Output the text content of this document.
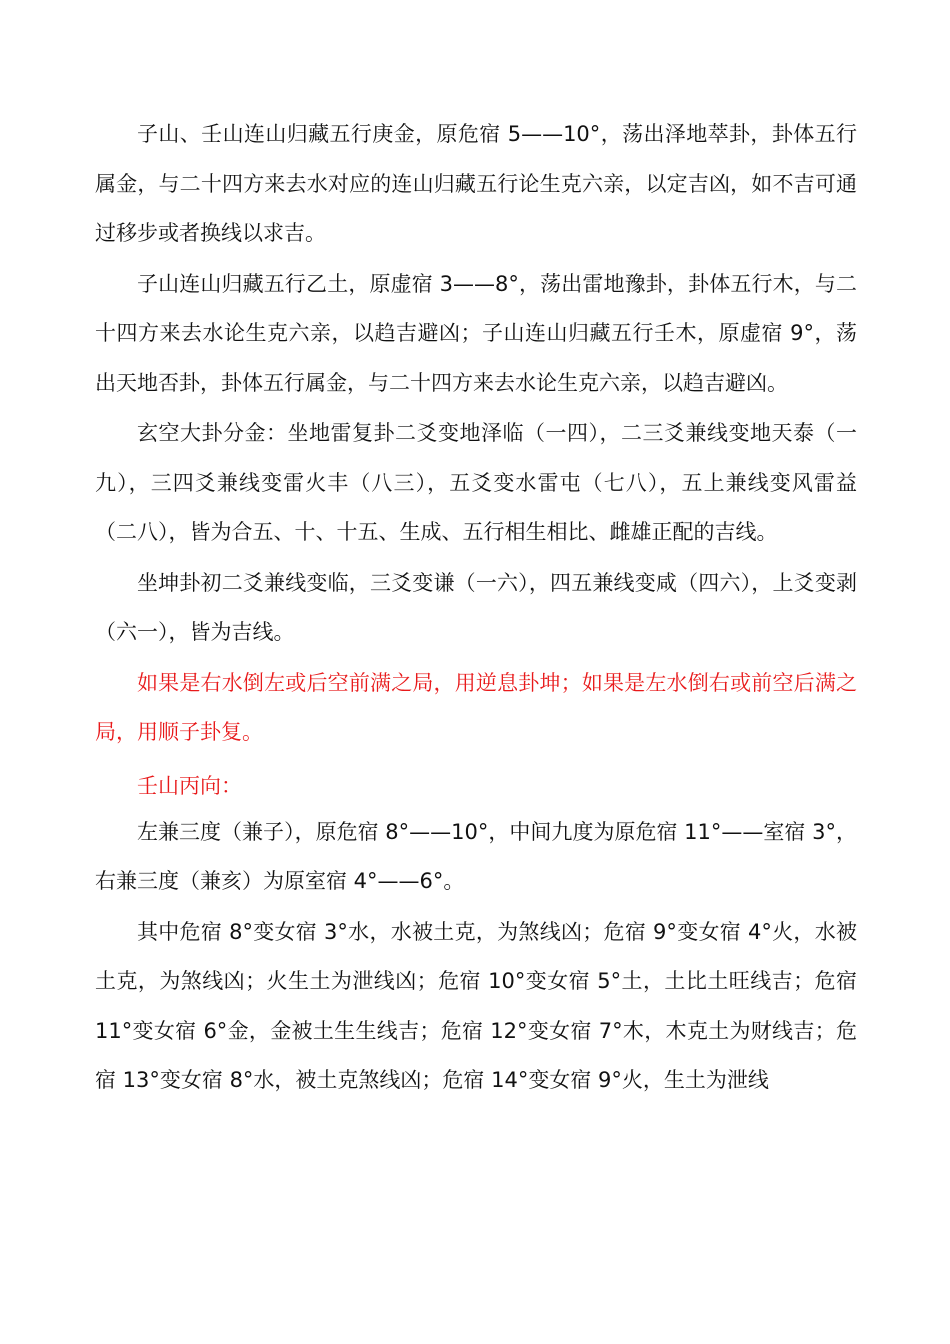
子山、壬山连山归藏五行庚金，原危宿 5——10°，荡出泽地萃卦，卦体五行属金，与二十四方来去水对应的连山归藏五行论生克六亲，以定吉凶，如不吉可通过移步或者换线以求吉。

子山连山归藏五行乙土，原虚宿 3——8°，荡出雷地豫卦，卦体五行木，与二十四方来去水论生克六亲，以趋吉避凶；子山连山归藏五行壬木，原虚宿 9°，荡出天地否卦，卦体五行属金，与二十四方来去水论生克六亲，以趋吉避凶。

玄空大卦分金：坐地雷复卦二爻变地泽临（一四），二三爻兼线变地天泰（一九），三四爻兼线变雷火丰（八三），五爻变水雷屯（七八），五上兼线变风雷益（二八），皆为合五、十、十五、生成、五行相生相比、雌雄正配的吉线。

坐坤卦初二爻兼线变临，三爻变谦（一六），四五兼线变咸（四六），上爻变剥（六一），皆为吉线。

如果是右水倒左或后空前满之局，用逆息卦坤；如果是左水倒右或前空后满之局，用顺子卦复。

壬山丙向：

左兼三度（兼子），原危宿 8°——10°，中间九度为原危宿 11°——室宿 3°，右兼三度（兼亥）为原室宿 4°——6°。

其中危宿 8°变女宿 3°水，水被土克，为煞线凶；危宿 9°变女宿 4°火，水被土克，为煞线凶；火生土为泄线凶；危宿 10°变女宿 5°土，土比土旺线吉；危宿 11°变女宿 6°金，金被土生生线吉；危宿 12°变女宿 7°木，木克土为财线吉；危宿 13°变女宿 8°水，被土克煞线凶；危宿 14°变女宿 9°火，生土为泄线
